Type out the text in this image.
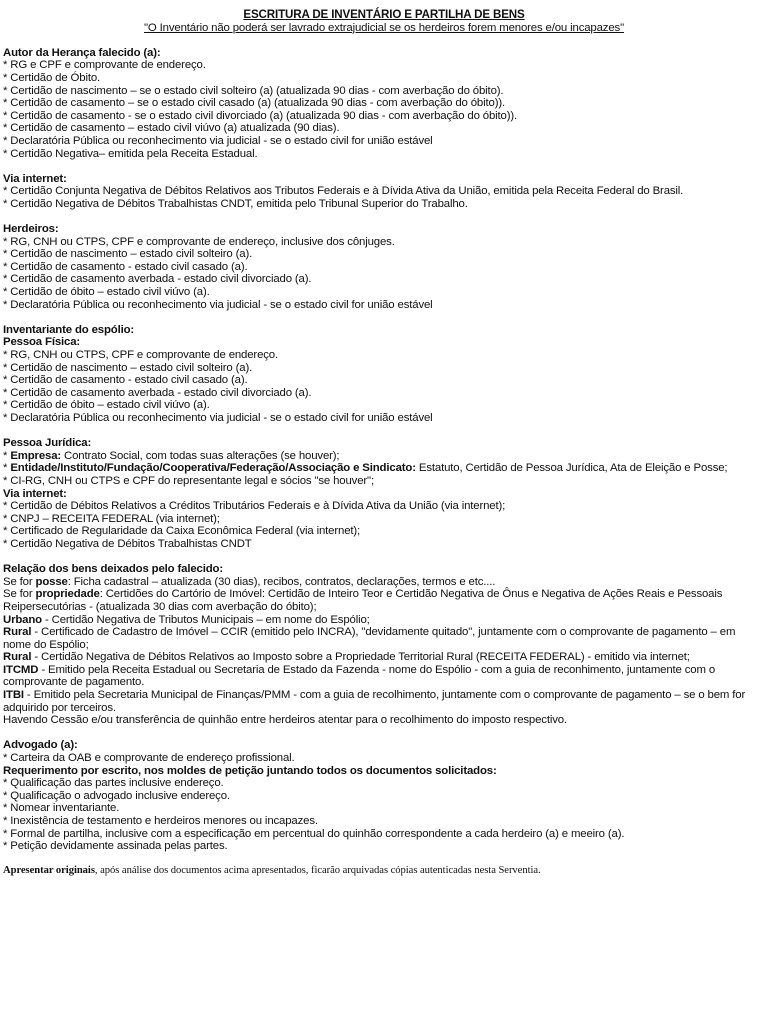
ESCRITURA DE INVENTÁRIO E PARTILHA DE BENS
"O Inventário não poderá ser lavrado extrajudicial se os herdeiros forem menores e/ou incapazes"
Autor da Herança falecido (a):
* RG e CPF e comprovante de endereço.
* Certidão de Óbito.
* Certidão de nascimento – se o estado civil solteiro (a) (atualizada 90 dias - com averbação do óbito).
* Certidão de casamento – se o estado civil casado (a) (atualizada 90 dias - com averbação do óbito)).
* Certidão de casamento - se o estado civil divorciado (a) (atualizada 90 dias - com averbação do óbito)).
* Certidão de casamento – estado civil viúvo (a) atualizada (90 dias).
* Declaratória Pública ou reconhecimento via judicial - se o estado civil for união estável
* Certidão Negativa– emitida pela Receita Estadual.
Via internet:
* Certidão Conjunta Negativa de Débitos Relativos aos Tributos Federais e à Dívida Ativa da União, emitida pela Receita Federal do Brasil.
* Certidão Negativa de Débitos Trabalhistas CNDT, emitida pelo Tribunal Superior do Trabalho.
Herdeiros:
* RG, CNH ou CTPS, CPF e comprovante de endereço, inclusive dos cônjuges.
* Certidão de nascimento – estado civil solteiro (a).
* Certidão de casamento - estado civil casado (a).
* Certidão de casamento averbada - estado civil divorciado (a).
* Certidão de óbito – estado civil viúvo (a).
* Declaratória Pública ou reconhecimento via judicial - se o estado civil for união estável
Inventariante do espólio:
Pessoa Física:
* RG, CNH ou CTPS, CPF e comprovante de endereço.
* Certidão de nascimento – estado civil solteiro (a).
* Certidão de casamento - estado civil casado (a).
* Certidão de casamento averbada - estado civil divorciado (a).
* Certidão de óbito – estado civil viúvo (a).
* Declaratória Pública ou reconhecimento via judicial - se o estado civil for união estável
Pessoa Jurídica:
* Empresa: Contrato Social, com todas suas alterações (se houver);
* Entidade/Instituto/Fundação/Cooperativa/Federação/Associação e Sindicato: Estatuto, Certidão de Pessoa Jurídica, Ata de Eleição e Posse;
* CI-RG, CNH ou CTPS e CPF do representante legal e sócios "se houver";
Via internet:
* Certidão de Débitos Relativos a Créditos Tributários Federais e à Dívida Ativa da União (via internet);
* CNPJ – RECEITA FEDERAL (via internet);
* Certificado de Regularidade da Caixa Econômica Federal (via internet);
* Certidão Negativa de Débitos Trabalhistas CNDT
Relação dos bens deixados pelo falecido:
Se for posse: Ficha cadastral – atualizada (30 dias), recibos, contratos, declarações, termos e etc....
Se for propriedade: Certidões do Cartório de Imóvel: Certidão de Inteiro Teor e Certidão Negativa de Ônus e Negativa de Ações Reais e Pessoais Reipersecutórias - (atualizada 30 dias com averbação do óbito);
Urbano - Certidão Negativa de Tributos Municipais – em nome do Espólio;
Rural - Certificado de Cadastro de Imóvel – CCIR (emitido pelo INCRA), "devidamente quitado", juntamente com o comprovante de pagamento – em nome do Espólio;
Rural - Certidão Negativa de Débitos Relativos ao Imposto sobre a Propriedade Territorial Rural (RECEITA FEDERAL) - emitido via internet;
ITCMD - Emitido pela Receita Estadual ou Secretaria de Estado da Fazenda - nome do Espólio - com a guia de reconhimento, juntamente com o comprovante de pagamento.
ITBI - Emitido pela Secretaria Municipal de Finanças/PMM - com a guia de recolhimento, juntamente com o comprovante de pagamento – se o bem for adquirido por terceiros.
Havendo Cessão e/ou transferência de quinhão entre herdeiros atentar para o recolhimento do imposto respectivo.
Advogado (a):
* Carteira da OAB e comprovante de endereço profissional.
Requerimento por escrito, nos moldes de petição juntando todos os documentos solicitados:
* Qualificação das partes inclusive endereço.
* Qualificação o advogado inclusive endereço.
* Nomear inventariante.
* Inexistência de testamento e herdeiros menores ou incapazes.
* Formal de partilha, inclusive com a especificação em percentual do quinhão correspondente a cada herdeiro (a) e meeiro (a).
* Petição devidamente assinada pelas partes.
Apresentar originais, após análise dos documentos acima apresentados, ficarão arquivadas cópias autenticadas nesta Serventia.
